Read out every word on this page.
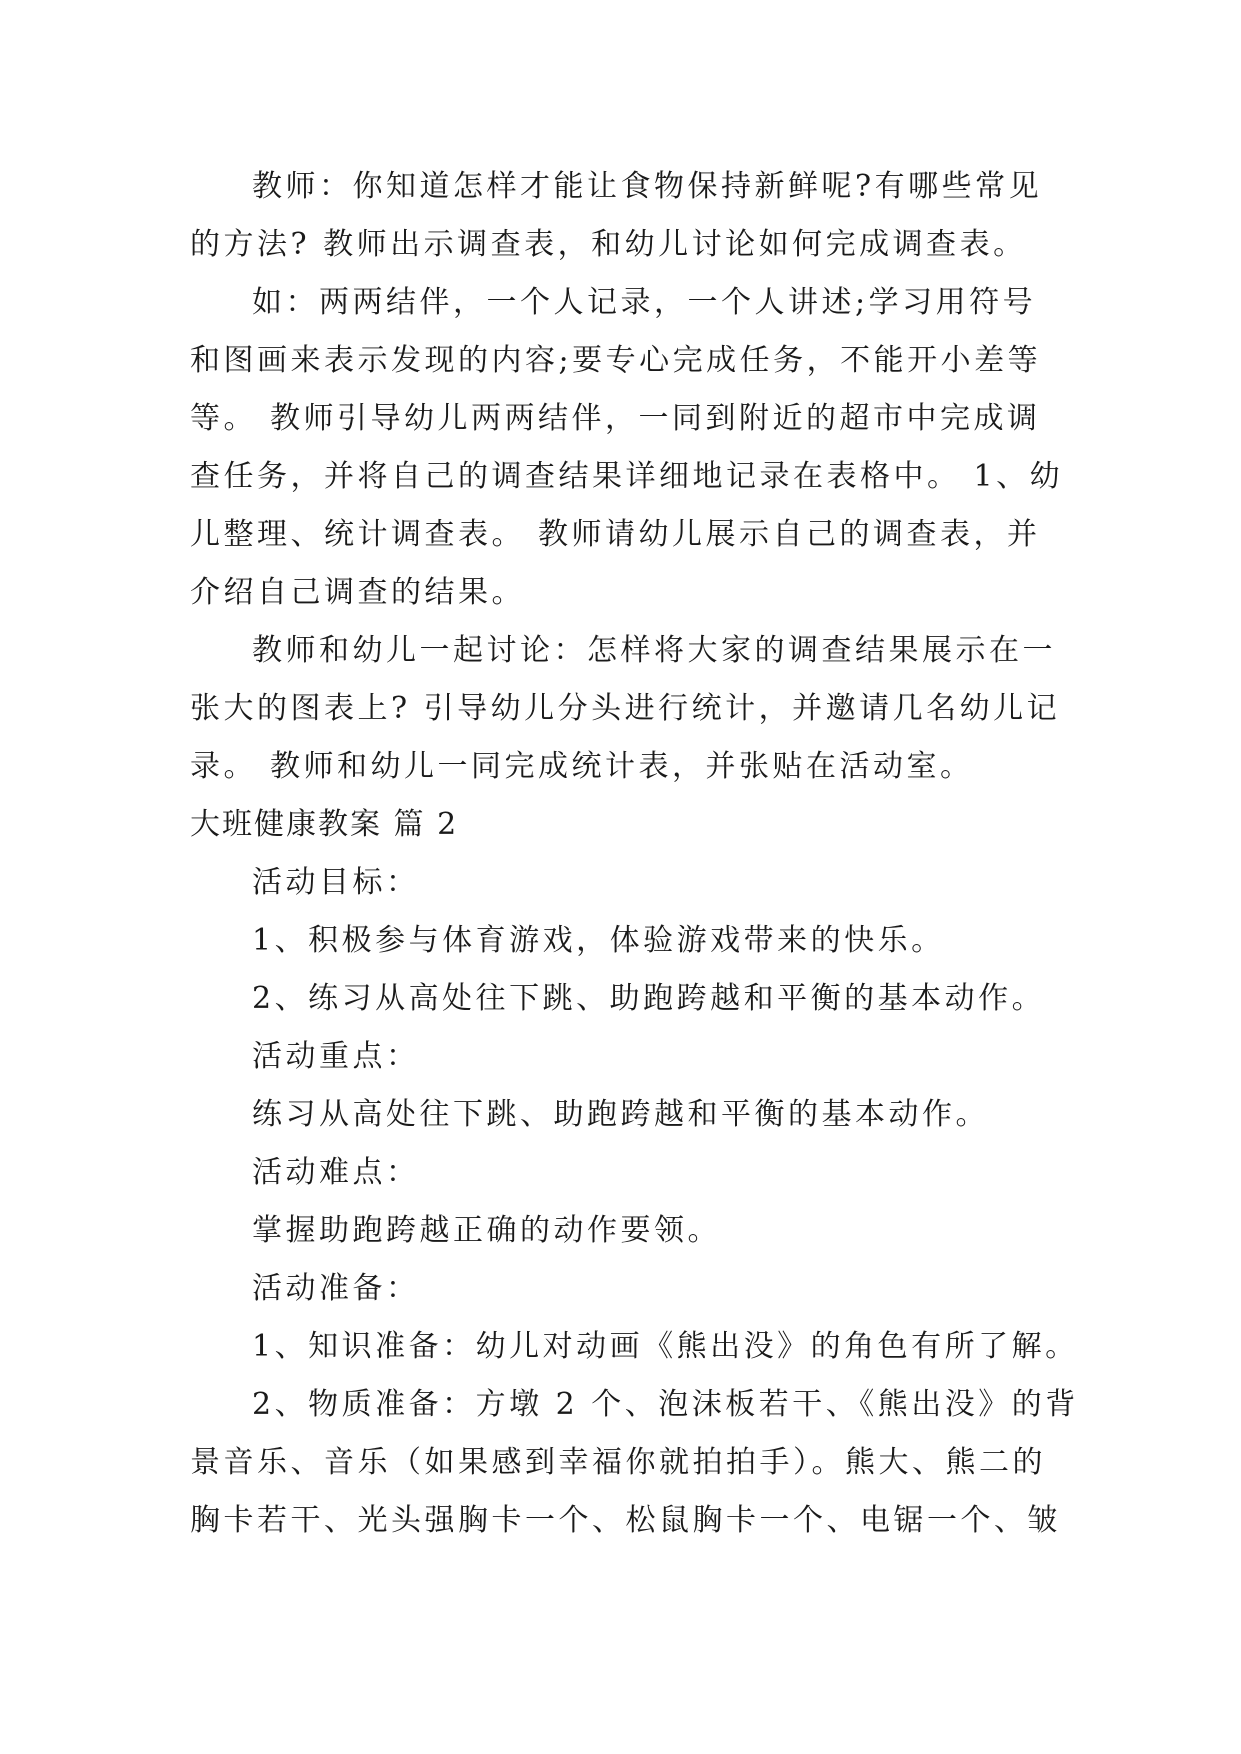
教师：你知道怎样才能让食物保持新鲜呢?有哪些常见
的方法? 教师出示调查表，和幼儿讨论如何完成调查表。
如：两两结伴，一个人记录，一个人讲述;学习用符号
和图画来表示发现的内容;要专心完成任务，不能开小差等
等。 教师引导幼儿两两结伴，一同到附近的超市中完成调
查任务，并将自己的调查结果详细地记录在表格中。 1、幼
儿整理、统计调查表。 教师请幼儿展示自己的调查表，并
介绍自己调查的结果。
教师和幼儿一起讨论：怎样将大家的调查结果展示在一
张大的图表上? 引导幼儿分头进行统计，并邀请几名幼儿记
录。 教师和幼儿一同完成统计表，并张贴在活动室。
大班健康教案 篇 2
活动目标：
1、积极参与体育游戏，体验游戏带来的快乐。
2、练习从高处往下跳、助跑跨越和平衡的基本动作。
活动重点：
练习从高处往下跳、助跑跨越和平衡的基本动作。
活动难点：
掌握助跑跨越正确的动作要领。
活动准备：
1、知识准备：幼儿对动画《熊出没》的角色有所了解。
2、物质准备：方墩 2 个、泡沫板若干、《熊出没》的背
景音乐、音乐（如果感到幸福你就拍拍手）。熊大、熊二的
胸卡若干、光头强胸卡一个、松鼠胸卡一个、电锯一个、皱
